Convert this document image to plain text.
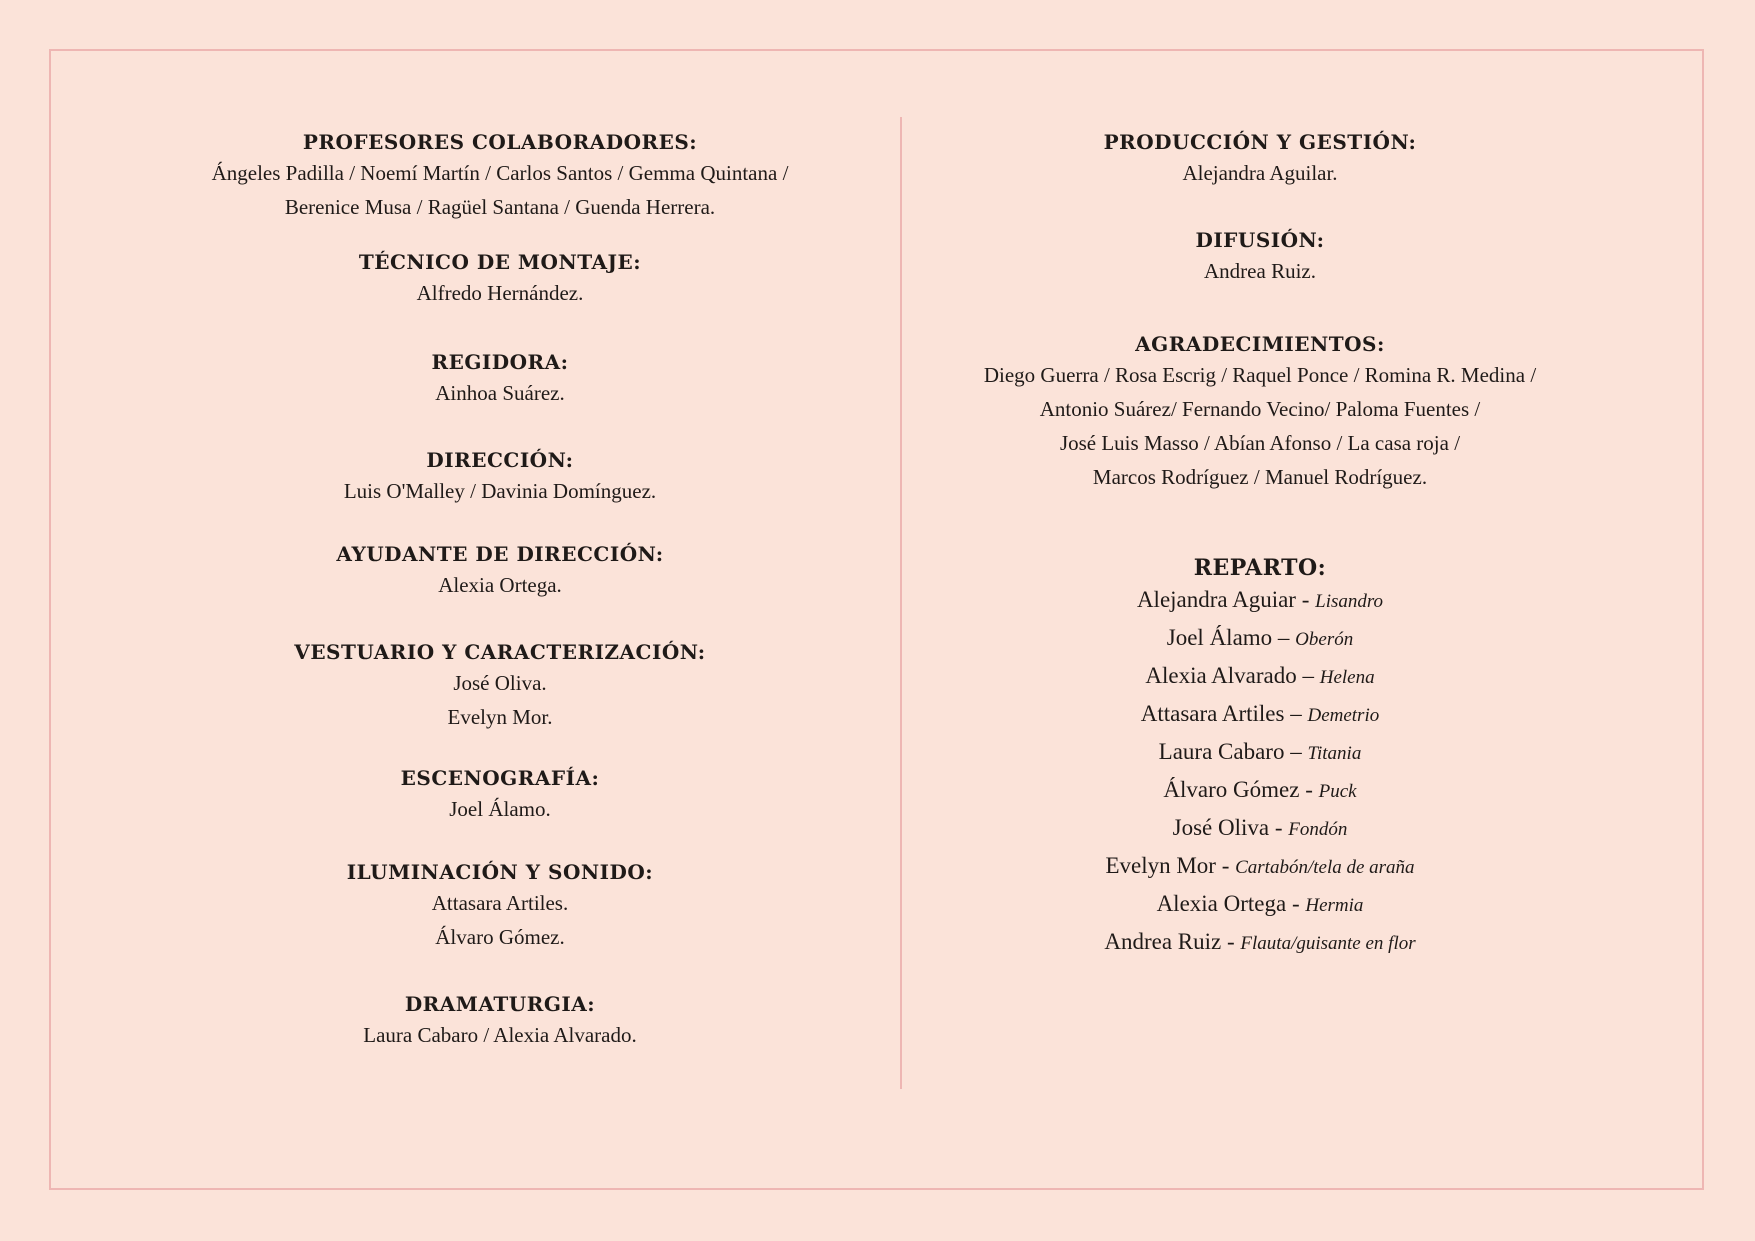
PROFESORES COLABORADORES:

Ángeles Padilla / Noemí Martín / Carlos Santos / Gemma Quintana /

Berenice Musa / Ragüel Santana / Guenda Herrera.

TÉCNICO DE MONTAJE:

Alfredo Hernández.

REGIDORA:

Ainhoa Suárez.

DIRECCIÓN:

Luis O'Malley / Davinia Domínguez.

AYUDANTE DE DIRECCIÓN:

Alexia Ortega.

VESTUARIO Y CARACTERIZACIÓN:

José Oliva.

Evelyn Mor.

ESCENOGRAFÍA:

Joel Álamo.

ILUMINACIÓN Y SONIDO:

Attasara Artiles.

Álvaro Gómez.

DRAMATURGIA:

Laura Cabaro / Alexia Alvarado.

PRODUCCIÓN Y GESTIÓN:

Alejandra Aguilar.

DIFUSIÓN:

Andrea Ruiz.

AGRADECIMIENTOS:

Diego Guerra / Rosa Escrig / Raquel Ponce / Romina R. Medina /

Antonio Suárez/ Fernando Vecino/ Paloma Fuentes /

José Luis Masso / Abían Afonso / La casa roja /

Marcos Rodríguez / Manuel Rodríguez.

REPARTO:

Alejandra Aguiar - Lisandro

Joel Álamo – Oberón

Alexia Alvarado – Helena

Attasara Artiles – Demetrio

Laura Cabaro – Titania

Álvaro Gómez - Puck

José Oliva - Fondón

Evelyn Mor - Cartabón/tela de araña

Alexia Ortega - Hermia

Andrea Ruiz - Flauta/guisante en flor
